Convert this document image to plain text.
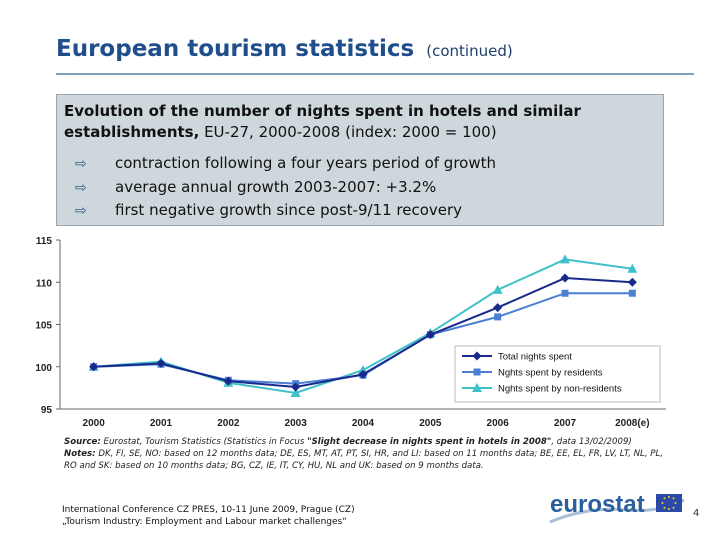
European tourism statistics (continued)
Evolution of the number of nights spent in hotels and similar establishments, EU-27, 2000-2008 (index: 2000 = 100)
⇨ contraction following a four years period of growth
⇨ average annual growth 2003-2007: +3.2%
⇨ first negative growth since post-9/11 recovery
95
100
105
110
115
2000	2001	2002	2003	2004	2005	2006	2007	2008(e)
Total nights spent
Nghts spent by residents
Nghts spent by non-residents
Source: Eurostat, Tourism Statistics (Statistics in Focus "Slight decrease in nights spent in hotels in 2008", data 13/02/2009)
Notes: DK, FI, SE, NO: based on 12 months data; DE, ES, MT, AT, PT, SI, HR, and LI: based on 11 months data; BE, EE, EL, FR, LV, LT, NL, PL, RO and SK: based on 10 months data; BG, CZ, IE, IT, CY, HU, NL and UK: based on 9 months data.
International Conference CZ PRES, 10-11 June 2009, Prague (CZ)
„Tourism Industry: Employment and Labour market challenges“
eurostat	4
